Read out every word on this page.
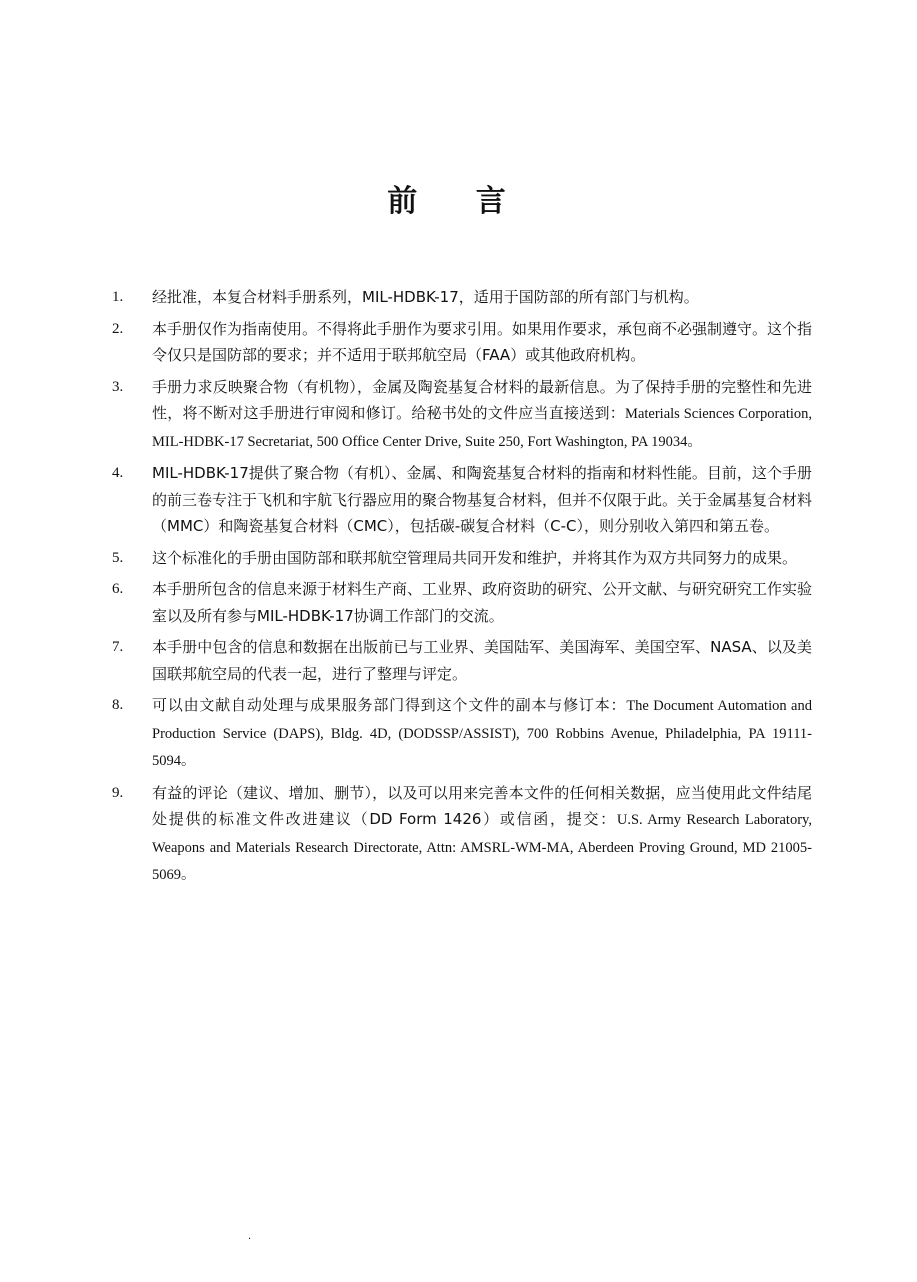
前 言
1.	经批准，本复合材料手册系列，MIL-HDBK-17，适用于国防部的所有部门与机构。
2.	本手册仅作为指南使用。不得将此手册作为要求引用。如果用作要求，承包商不必强制遵守。这个指令仅只是国防部的要求；并不适用于联邦航空局（FAA）或其他政府机构。
3.	手册力求反映聚合物（有机物），金属及陶瓷基复合材料的最新信息。为了保持手册的完整性和先进性，将不断对这手册进行审阅和修订。给秘书处的文件应当直接送到：Materials Sciences Corporation, MIL-HDBK-17 Secretariat, 500 Office Center Drive, Suite 250, Fort Washington, PA 19034。
4.	MIL-HDBK-17提供了聚合物（有机）、金属、和陶瓷基复合材料的指南和材料性能。目前，这个手册的前三卷专注于飞机和宇航飞行器应用的聚合物基复合材料，但并不仅限于此。关于金属基复合材料（MMC）和陶瓷基复合材料（CMC），包括碳-碳复合材料（C-C），则分别收入第四和第五卷。
5.	这个标准化的手册由国防部和联邦航空管理局共同开发和维护，并将其作为双方共同努力的成果。
6.	本手册所包含的信息来源于材料生产商、工业界、政府资助的研究、公开文献、与研究研究工作实验室以及所有参与MIL-HDBK-17协调工作部门的交流。
7.	本手册中包含的信息和数据在出版前已与工业界、美国陆军、美国海军、美国空军、NASA、以及美国联邦航空局的代表一起，进行了整理与评定。
8.	可以由文献自动处理与成果服务部门得到这个文件的副本与修订本：The Document Automation and Production Service (DAPS), Bldg. 4D, (DODSSP/ASSIST), 700 Robbins Avenue, Philadelphia, PA 19111-5094。
9.	有益的评论（建议、增加、删节），以及可以用来完善本文件的任何相关数据，应当使用此文件结尾处提供的标准文件改进建议（DD Form 1426）或信函，提交：U.S. Army Research Laboratory, Weapons and Materials Research Directorate, Attn: AMSRL-WM-MA, Aberdeen Proving Ground, MD 21005-5069。
·
